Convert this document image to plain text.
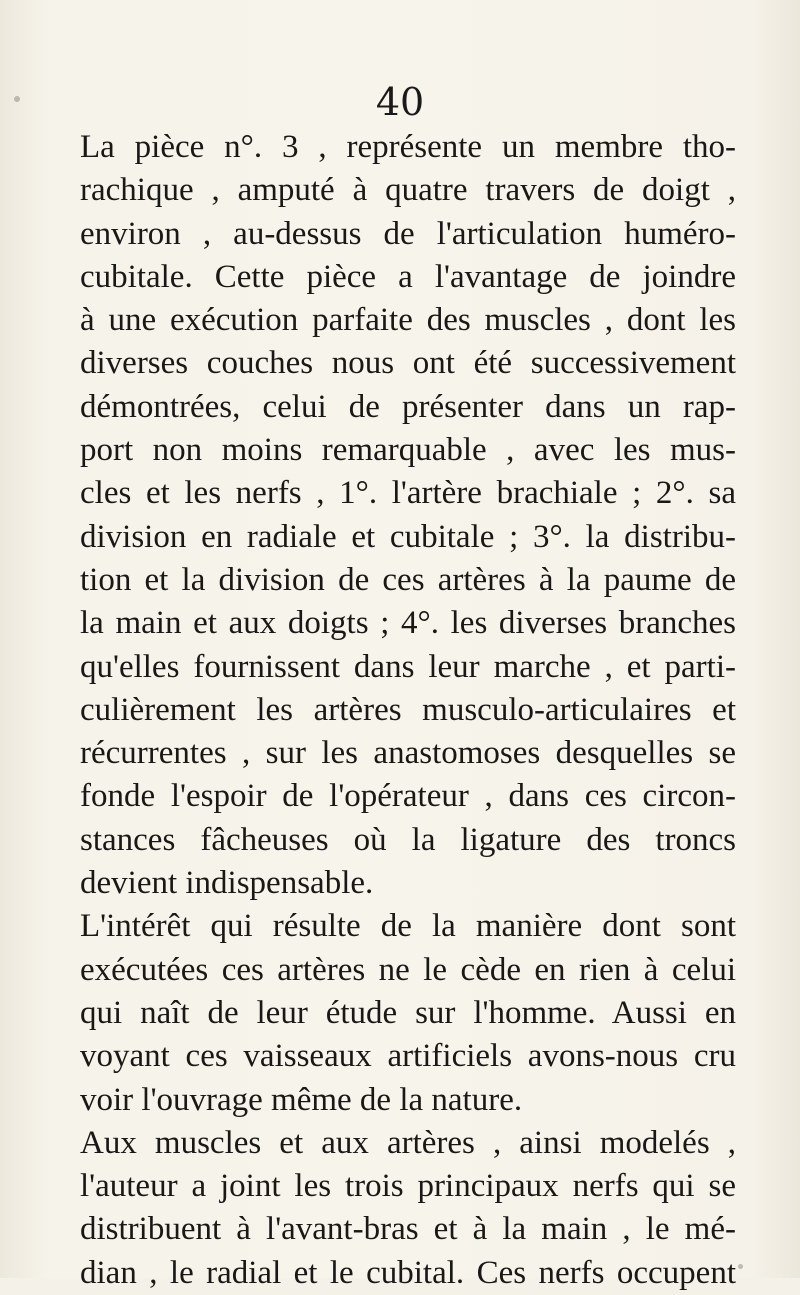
40
La pièce n°. 3 , représente un membre tho-
rachique , amputé à quatre travers de doigt ,
environ , au-dessus de l'articulation huméro-
cubitale. Cette pièce a l'avantage de joindre
à une exécution parfaite des muscles , dont les
diverses couches nous ont été successivement
démontrées, celui de présenter dans un rap-
port non moins remarquable , avec les mus-
cles et les nerfs , 1°. l'artère brachiale ; 2°. sa
division en radiale et cubitale ; 3°. la distribu-
tion et la division de ces artères à la paume de
la main et aux doigts ; 4°. les diverses branches
qu'elles fournissent dans leur marche , et parti-
culièrement les artères musculo-articulaires et
récurrentes , sur les anastomoses desquelles se
fonde l'espoir de l'opérateur , dans ces circon-
stances fâcheuses où la ligature des troncs
devient indispensable.
L'intérêt qui résulte de la manière dont sont
exécutées ces artères ne le cède en rien à celui
qui naît de leur étude sur l'homme. Aussi en
voyant ces vaisseaux artificiels avons-nous cru
voir l'ouvrage même de la nature.
Aux muscles et aux artères , ainsi modelés ,
l'auteur a joint les trois principaux nerfs qui se
distribuent à l'avant-bras et à la main , le mé-
dian , le radial et le cubital. Ces nerfs occupent
